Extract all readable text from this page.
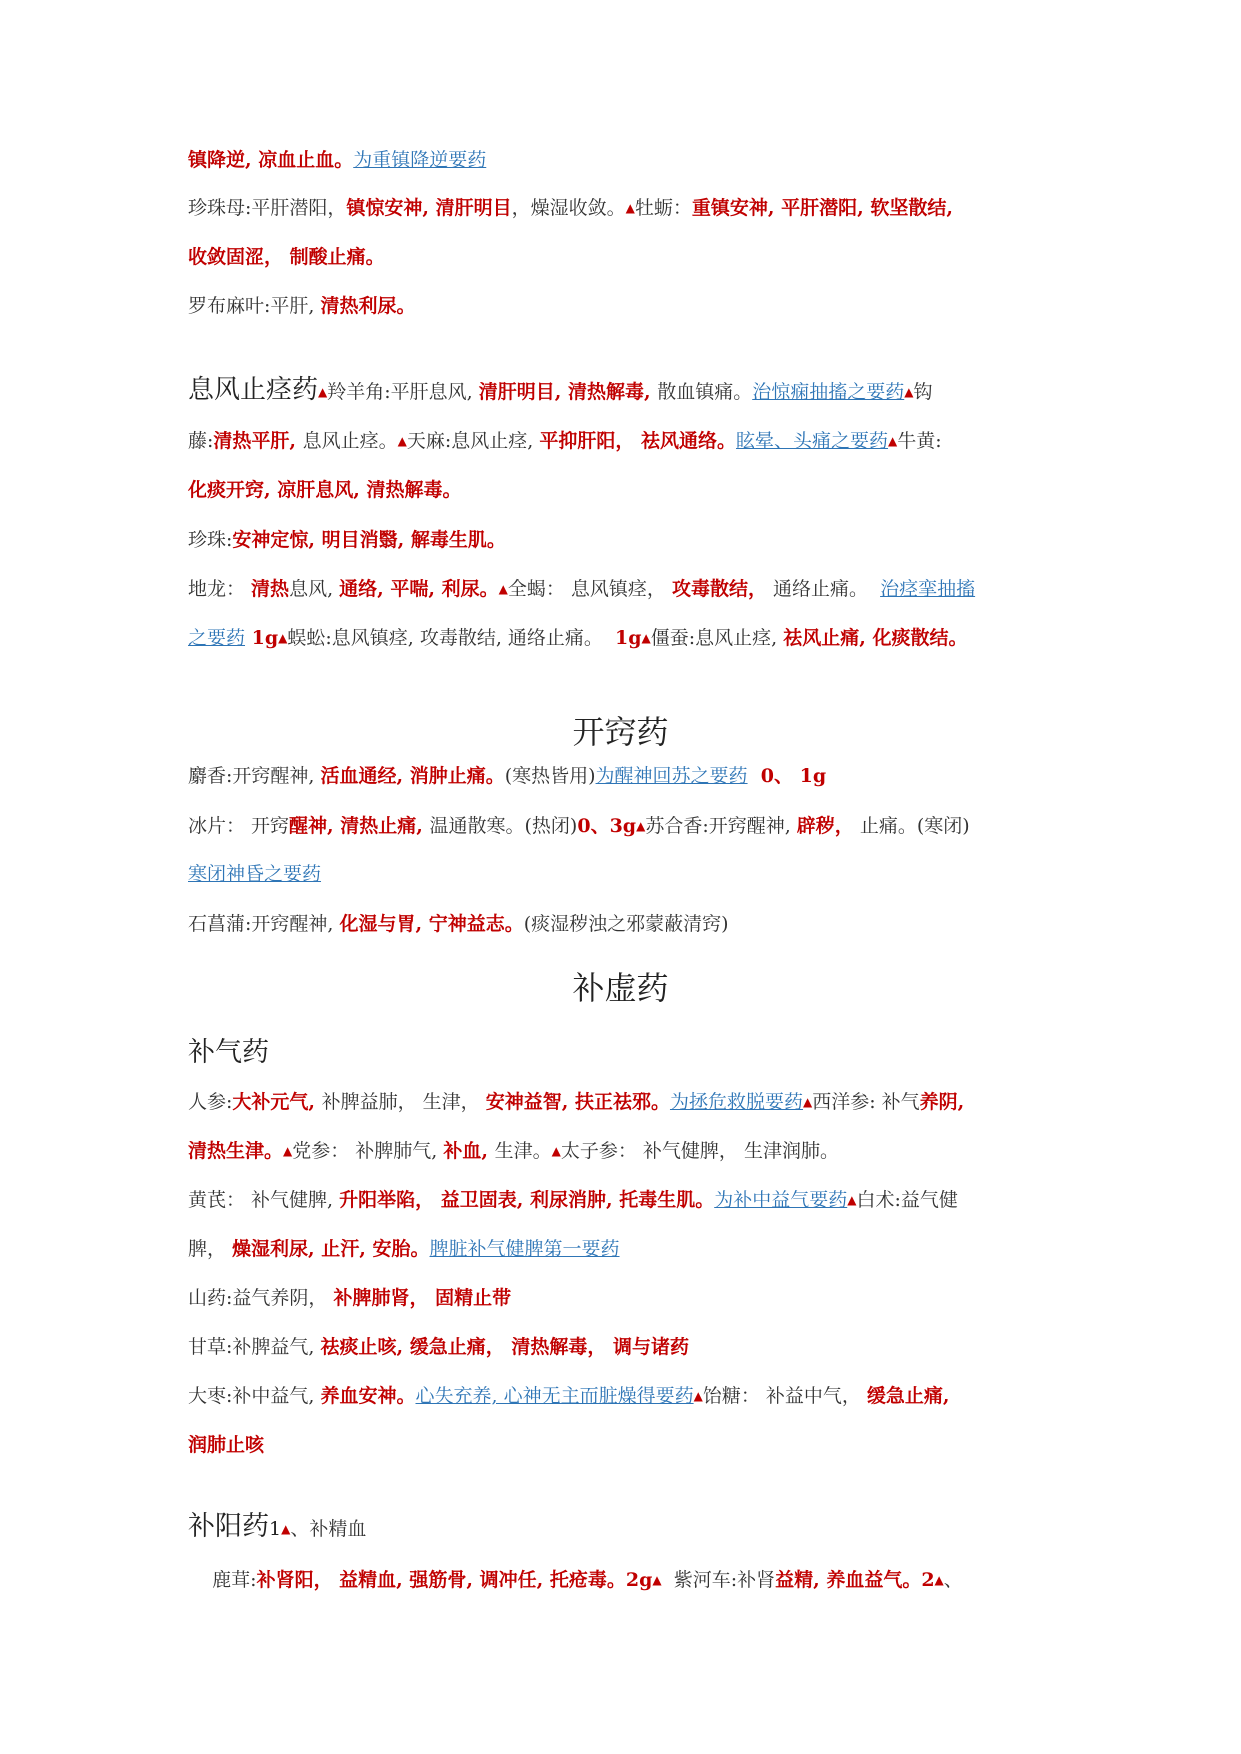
镇降逆, 凉血止血。为重镇降逆要药
珍珠母:平肝潜阳，镇惊安神, 清肝明目，燥湿收敛。▲牡蛎：重镇安神, 平肝潜阳, 软坚散结,
收敛固涩， 制酸止痛。
罗布麻叶:平肝, 清热利尿。
息风止痉药▲羚羊角:平肝息风, 清肝明目, 清热解毒, 散血镇痛。治惊痫抽搐之要药▲钩
藤:清热平肝, 息风止痉。▲天麻:息风止痉, 平抑肝阳， 祛风通络。眩晕、头痛之要药▲牛黄:
化痰开窍, 凉肝息风, 清热解毒。
珍珠:安神定惊, 明目消翳, 解毒生肌。
地龙： 清热息风, 通络, 平喘, 利尿。▲全蝎： 息风镇痉， 攻毒散结， 通络止痛。  治痉挛抽搐
之要药 1g▲蜈蚣:息风镇痉, 攻毒散结, 通络止痛。  1g▲僵蚕:息风止痉, 祛风止痛, 化痰散结。
麝香:开窍醒神, 活血通经, 消肿止痛。(寒热皆用)为醒神回苏之要药  0、 1g
冰片： 开窍醒神, 清热止痛, 温通散寒。(热闭)0、3g▲苏合香:开窍醒神, 辟秽， 止痛。(寒闭)
寒闭神昏之要药
石菖蒲:开窍醒神, 化湿与胃, 宁神益志。(痰湿秽浊之邪蒙蔽清窍)
人参:大补元气, 补脾益肺， 生津， 安神益智, 扶正祛邪。为拯危救脱要药▲西洋参: 补气养阴,
清热生津。▲党参： 补脾肺气, 补血, 生津。▲太子参： 补气健脾， 生津润肺。
黄芪： 补气健脾, 升阳举陷， 益卫固表, 利尿消肿, 托毒生肌。为补中益气要药▲白术:益气健
脾， 燥湿利尿, 止汗, 安胎。脾脏补气健脾第一要药
山药:益气养阴， 补脾肺肾， 固精止带
甘草:补脾益气, 祛痰止咳, 缓急止痛， 清热解毒， 调与诸药
大枣:补中益气, 养血安神。心失充养, 心神无主而脏燥得要药▲饴糖： 补益中气， 缓急止痛,
润肺止咳
鹿茸:补肾阳， 益精血, 强筋骨, 调冲任, 托疮毒。2g▲  紫河车:补肾益精, 养血益气。2▲、
开窍药
补虚药
补气药
补阳药1▲、补精血
